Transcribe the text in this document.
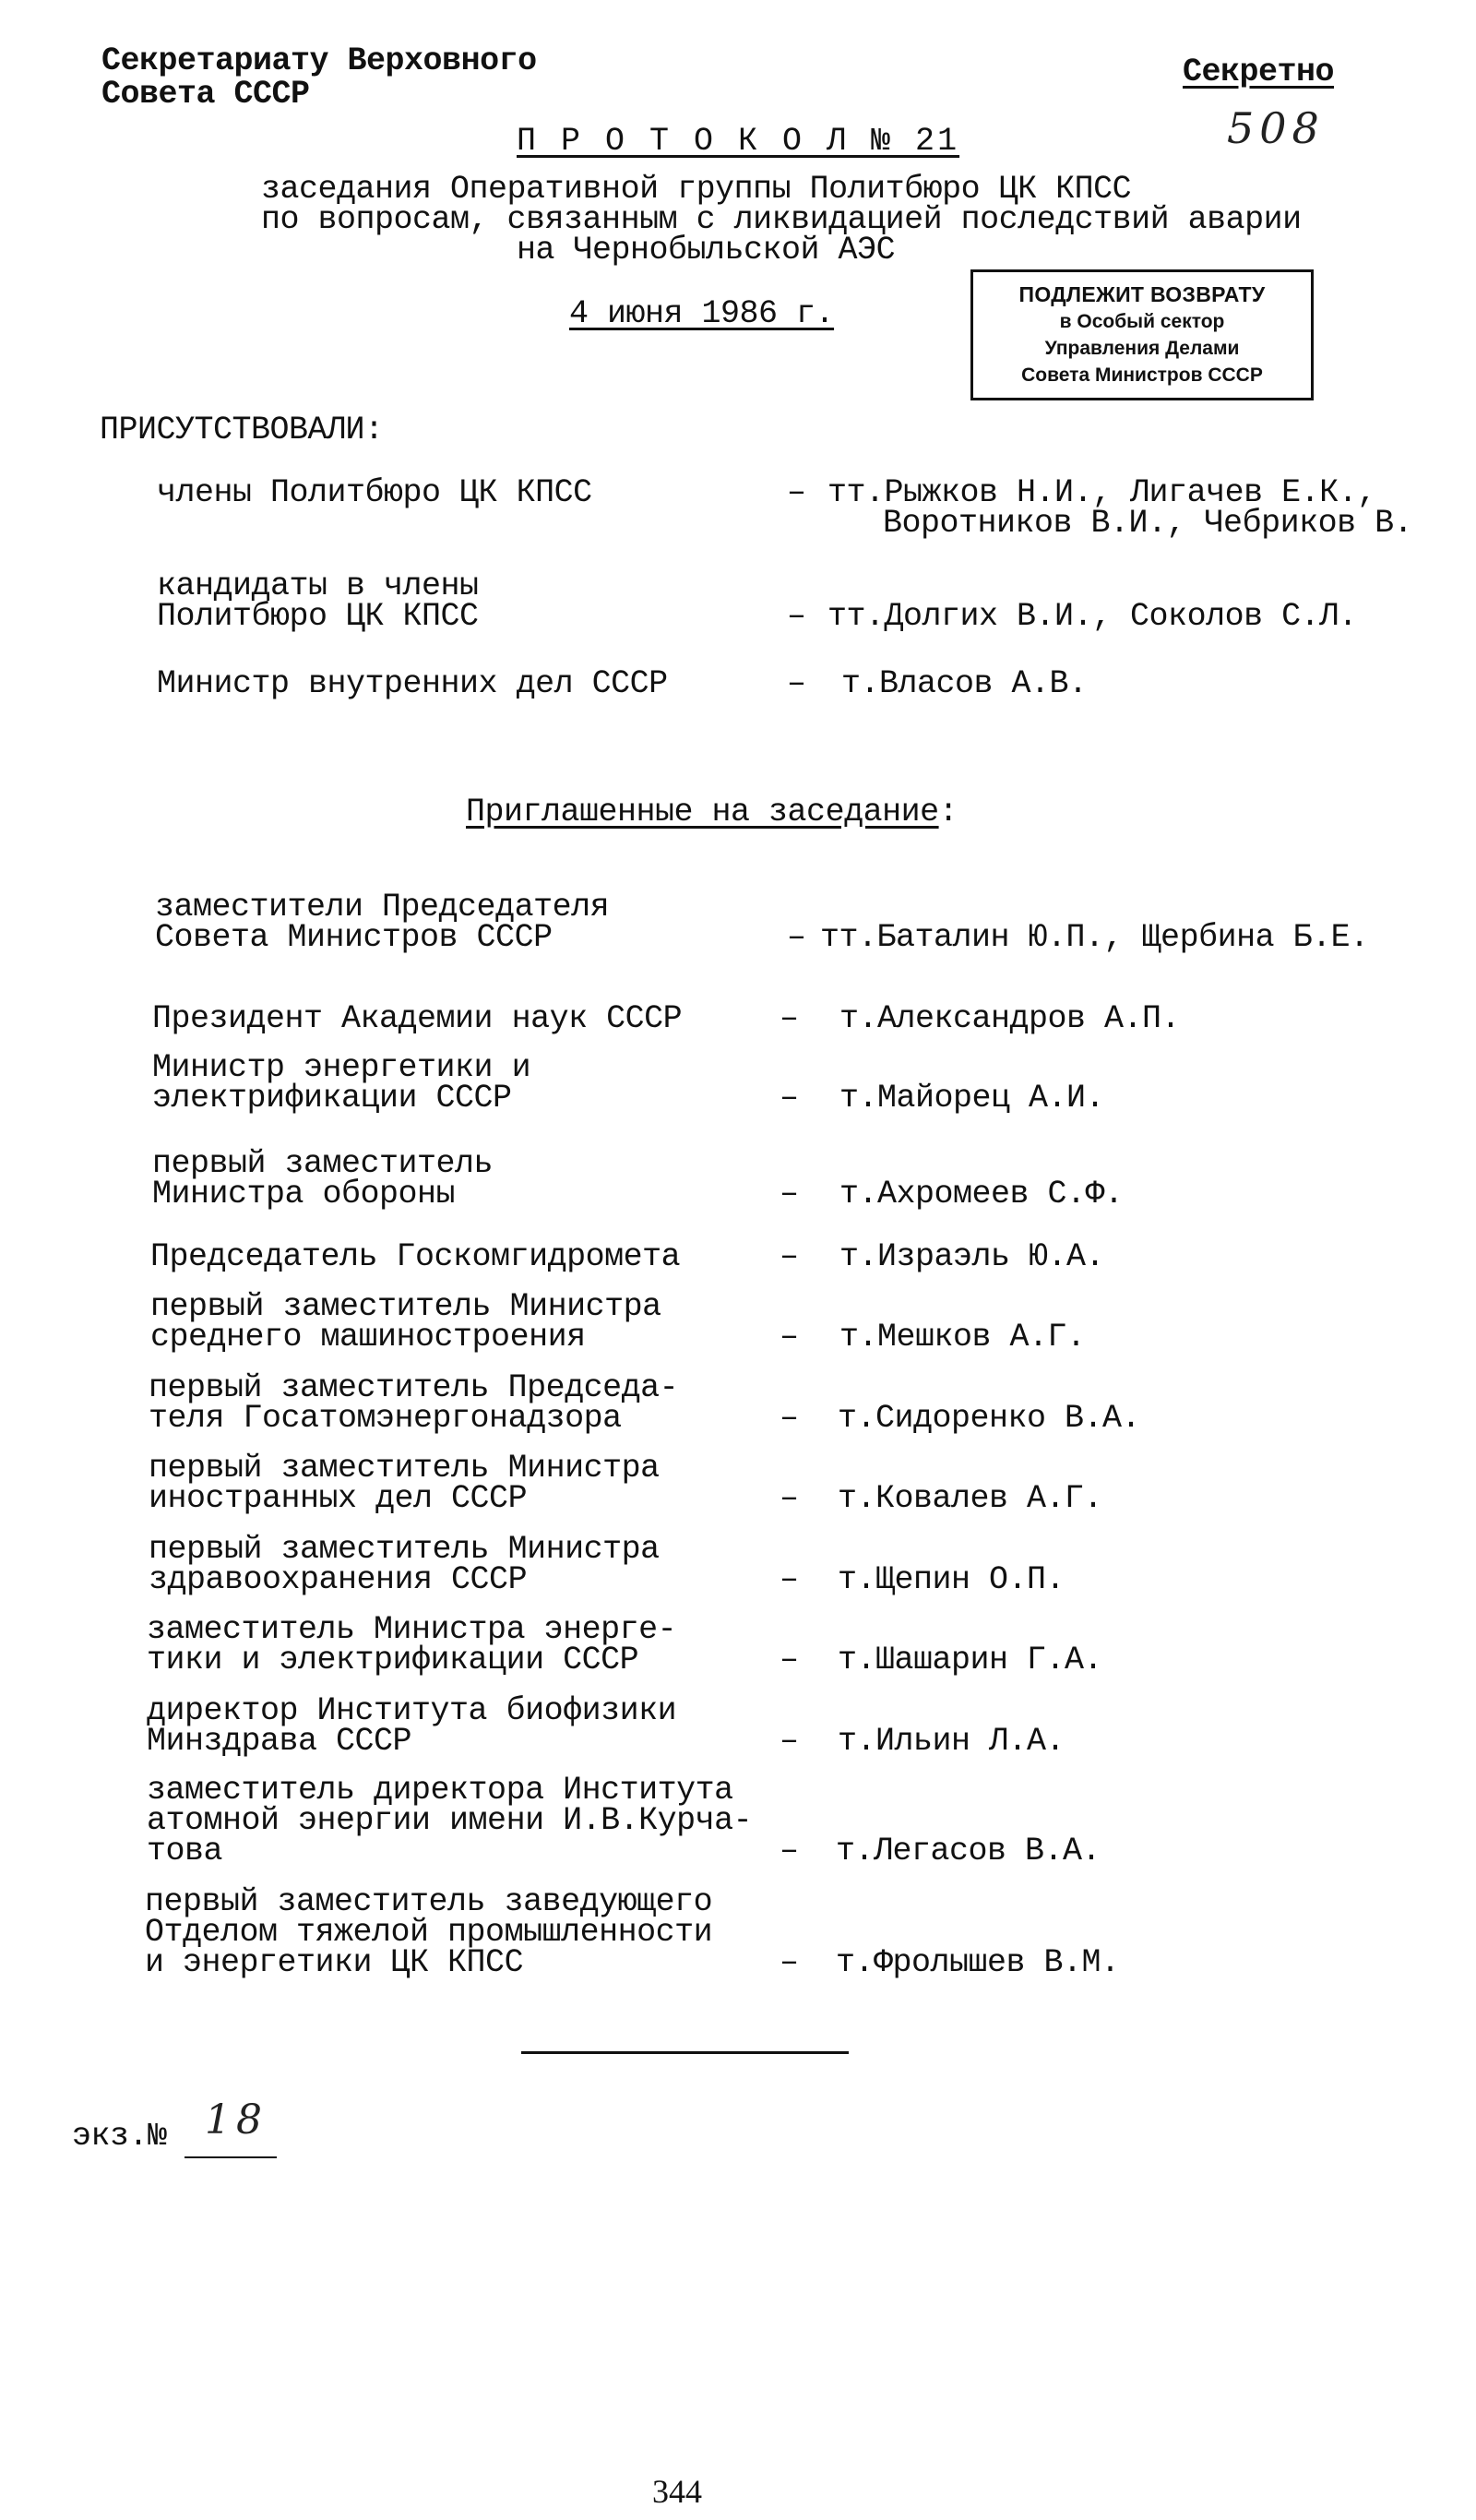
Секретариату Верховного
Совета СССР
Секретно
508
П Р О Т О К О Л № 21
заседания Оперативной группы Политбюро ЦК КПСС
по вопросам, связанным с ликвидацией последствий аварии
на Чернобыльской АЭС
4 июня 1986 г.
ПОДЛЕЖИТ ВОЗВРАТУ
в Особый сектор
Управления Делами
Совета Министров СССР
ПРИСУТСТВОВАЛИ:
члены Политбюро ЦК КПСС	– тт.Рыжков Н.И., Лигачев Е.К.,
Воротников В.И., Чебриков В.
кандидаты в члены
Политбюро ЦК КПСС	– тт.Долгих В.И., Соколов С.Л.
Министр внутренних дел СССР	– т.Власов А.В.
Приглашенные на заседание:
заместители Председателя
Совета Министров СССР	– тт.Баталин Ю.П., Щербина Б.Е.
Президент Академии наук СССР	– т.Александров А.П.
Министр энергетики и
электрификации СССР	– т.Майорец А.И.
первый заместитель
Министра обороны	– т.Ахромеев С.Ф.
Председатель Госкомгидромета	– т.Израэль Ю.А.
первый заместитель Министра
среднего машиностроения	– т.Мешков А.Г.
первый заместитель Председа-
теля Госатомэнергонадзора	– т.Сидоренко В.А.
первый заместитель Министра
иностранных дел СССР	– т.Ковалев А.Г.
первый заместитель Министра
здравоохранения СССР	– т.Щепин О.П.
заместитель Министра энерге-
тики и электрификации СССР	– т.Шашарин Г.А.
директор Института биофизики
Минздрава СССР	– т.Ильин Л.А.
заместитель директора Института
атомной энергии имени И.В.Курча-
това	– т.Легасов В.А.
первый заместитель заведующего
Отделом тяжелой промышленности
и энергетики ЦК КПСС	– т.Фролышев В.М.
экз.№ 18
344
